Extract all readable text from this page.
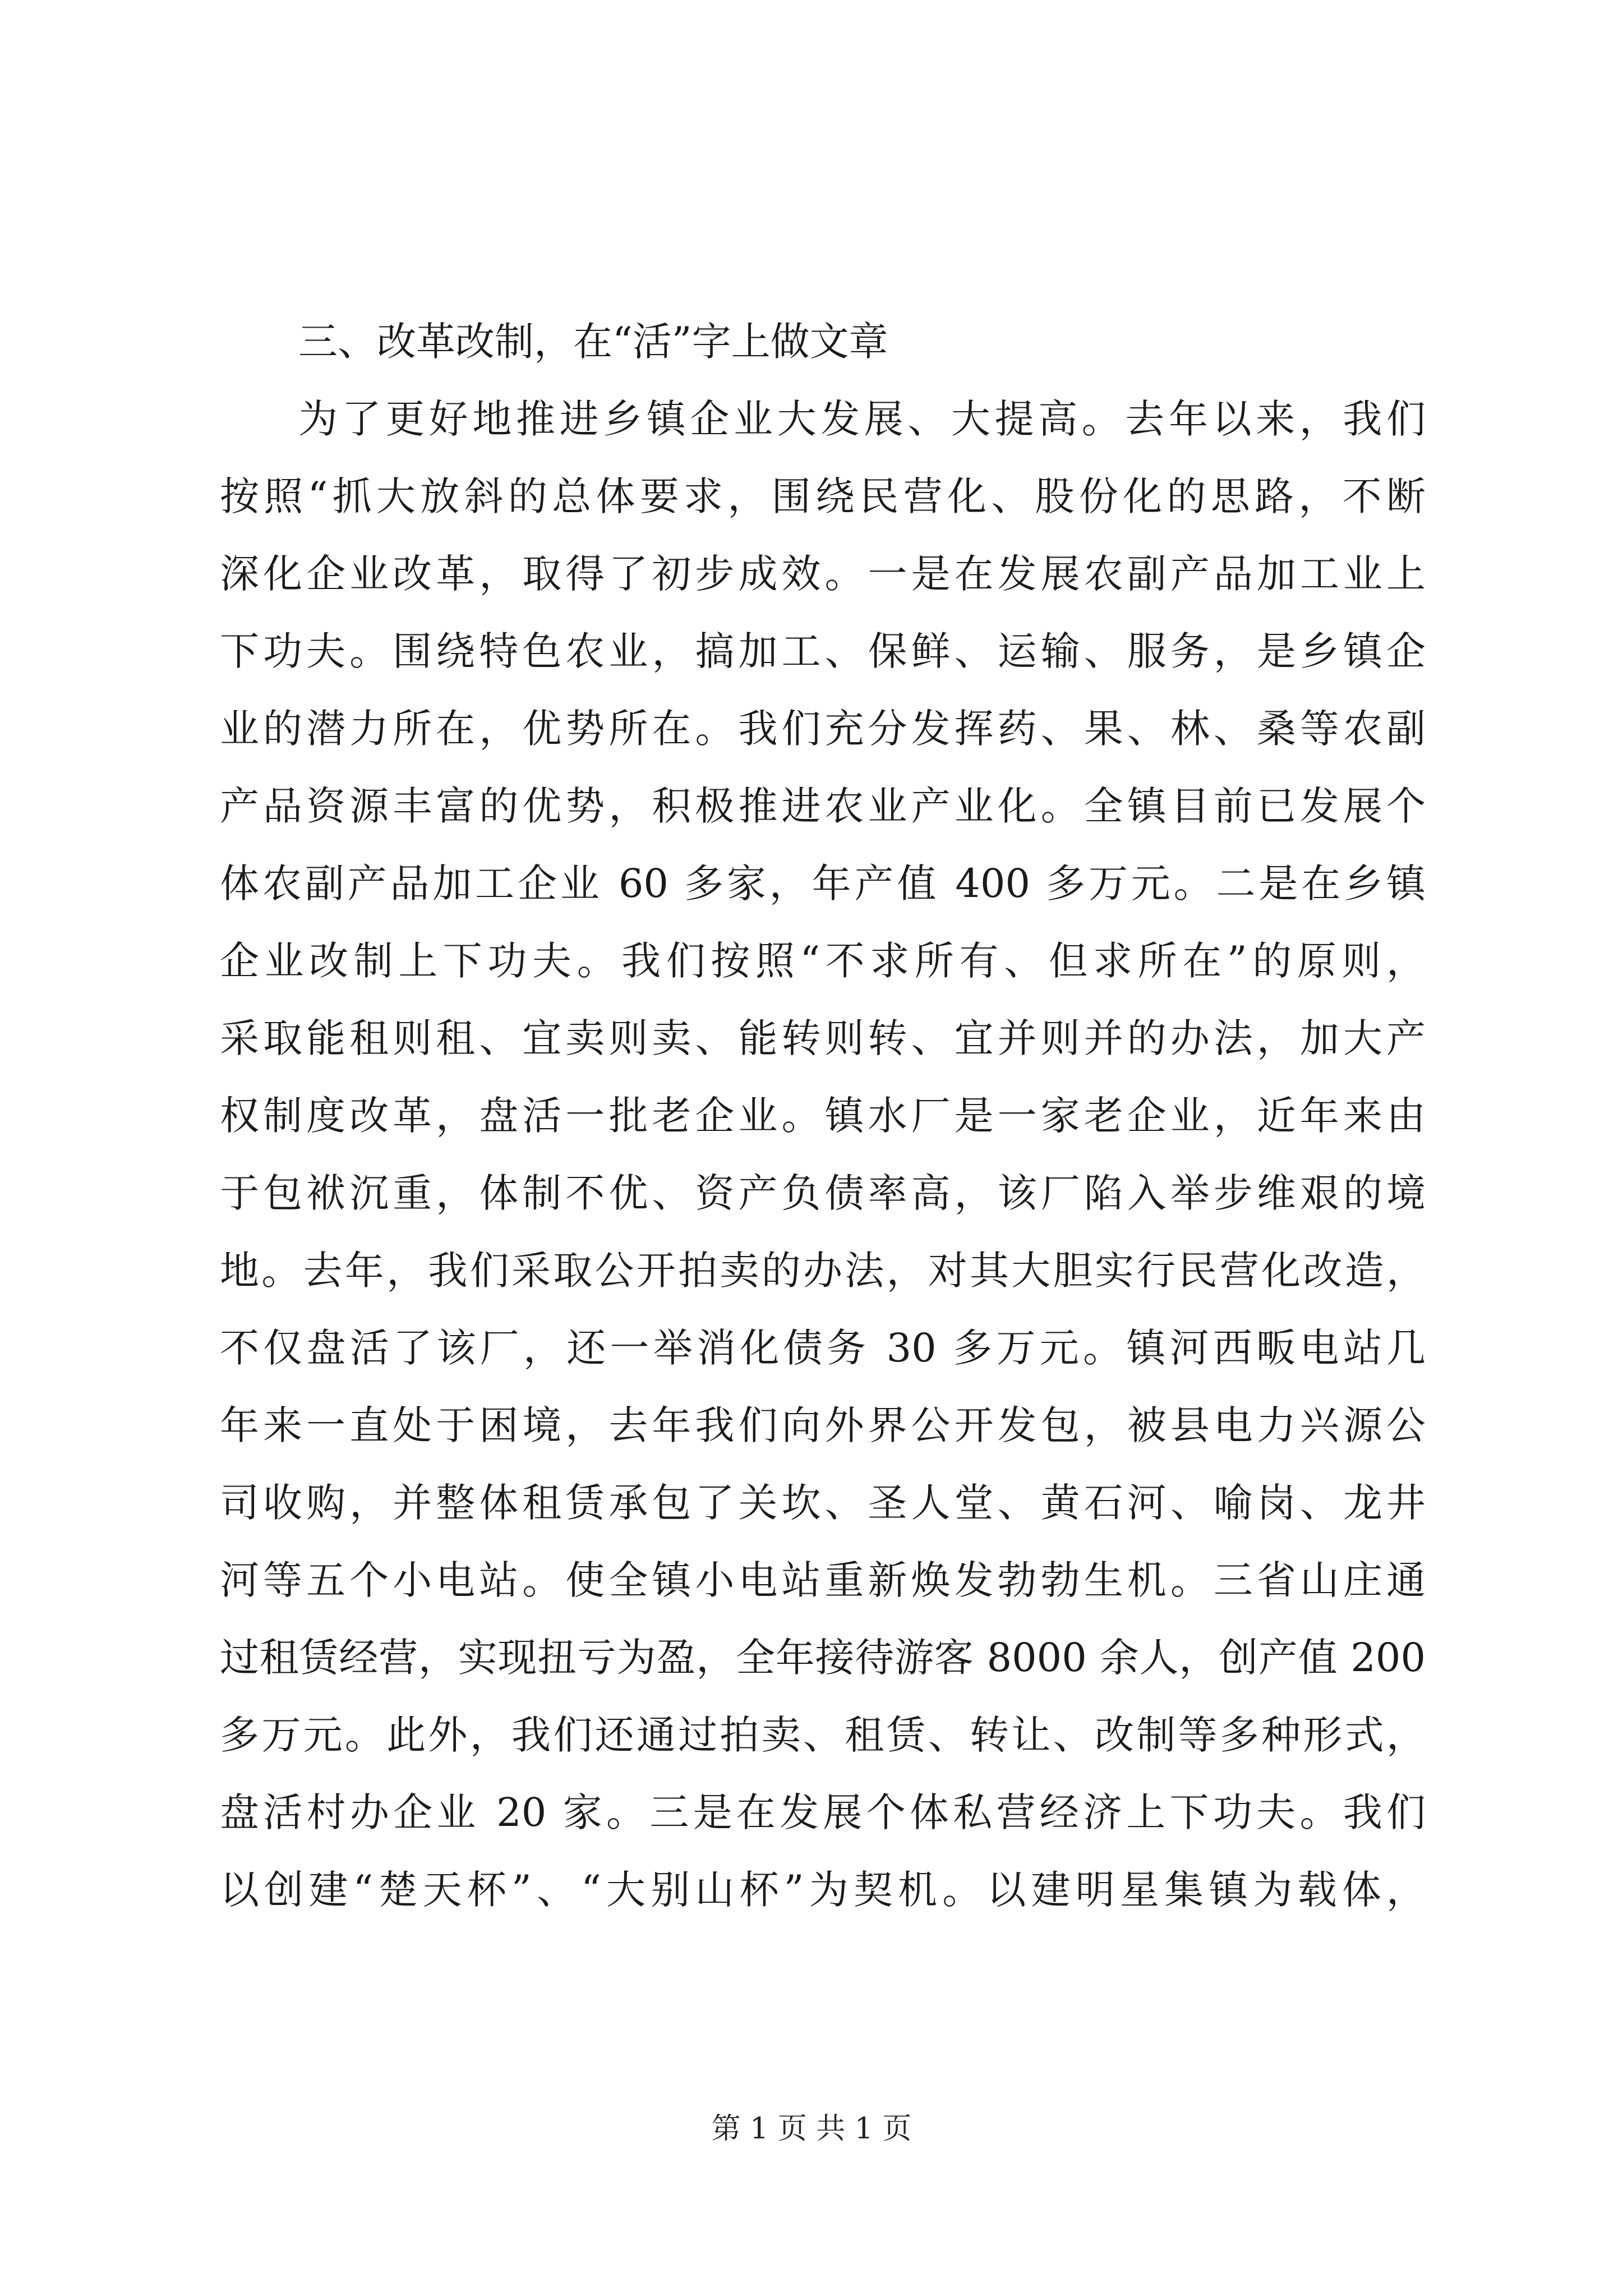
三、改革改制，在“活”字上做文章
为了更好地推进乡镇企业大发展、大提高。去年以来，我们
按照“抓大放斜的总体要求，围绕民营化、股份化的思路，不断
深化企业改革，取得了初步成效。一是在发展农副产品加工业上
下功夫。围绕特色农业，搞加工、保鲜、运输、服务，是乡镇企
业的潜力所在，优势所在。我们充分发挥药、果、林、桑等农副
产品资源丰富的优势，积极推进农业产业化。全镇目前已发展个
体农副产品加工企业 60 多家，年产值 400 多万元。二是在乡镇
企业改制上下功夫。我们按照“不求所有、但求所在”的原则，
采取能租则租、宜卖则卖、能转则转、宜并则并的办法，加大产
权制度改革，盘活一批老企业。镇水厂是一家老企业，近年来由
于包袱沉重，体制不优、资产负债率高，该厂陷入举步维艰的境
地。去年，我们采取公开拍卖的办法，对其大胆实行民营化改造，
不仅盘活了该厂，还一举消化债务 30 多万元。镇河西畈电站几
年来一直处于困境，去年我们向外界公开发包，被县电力兴源公
司收购，并整体租赁承包了关坎、圣人堂、黄石河、喻岗、龙井
河等五个小电站。使全镇小电站重新焕发勃勃生机。三省山庄通
过租赁经营，实现扭亏为盈，全年接待游客 8000 余人，创产值 200
多万元。此外，我们还通过拍卖、租赁、转让、改制等多种形式，
盘活村办企业 20 家。三是在发展个体私营经济上下功夫。我们
以创建“楚天杯”、“大别山杯”为契机。以建明星集镇为载体，
第 1 页 共 1 页
